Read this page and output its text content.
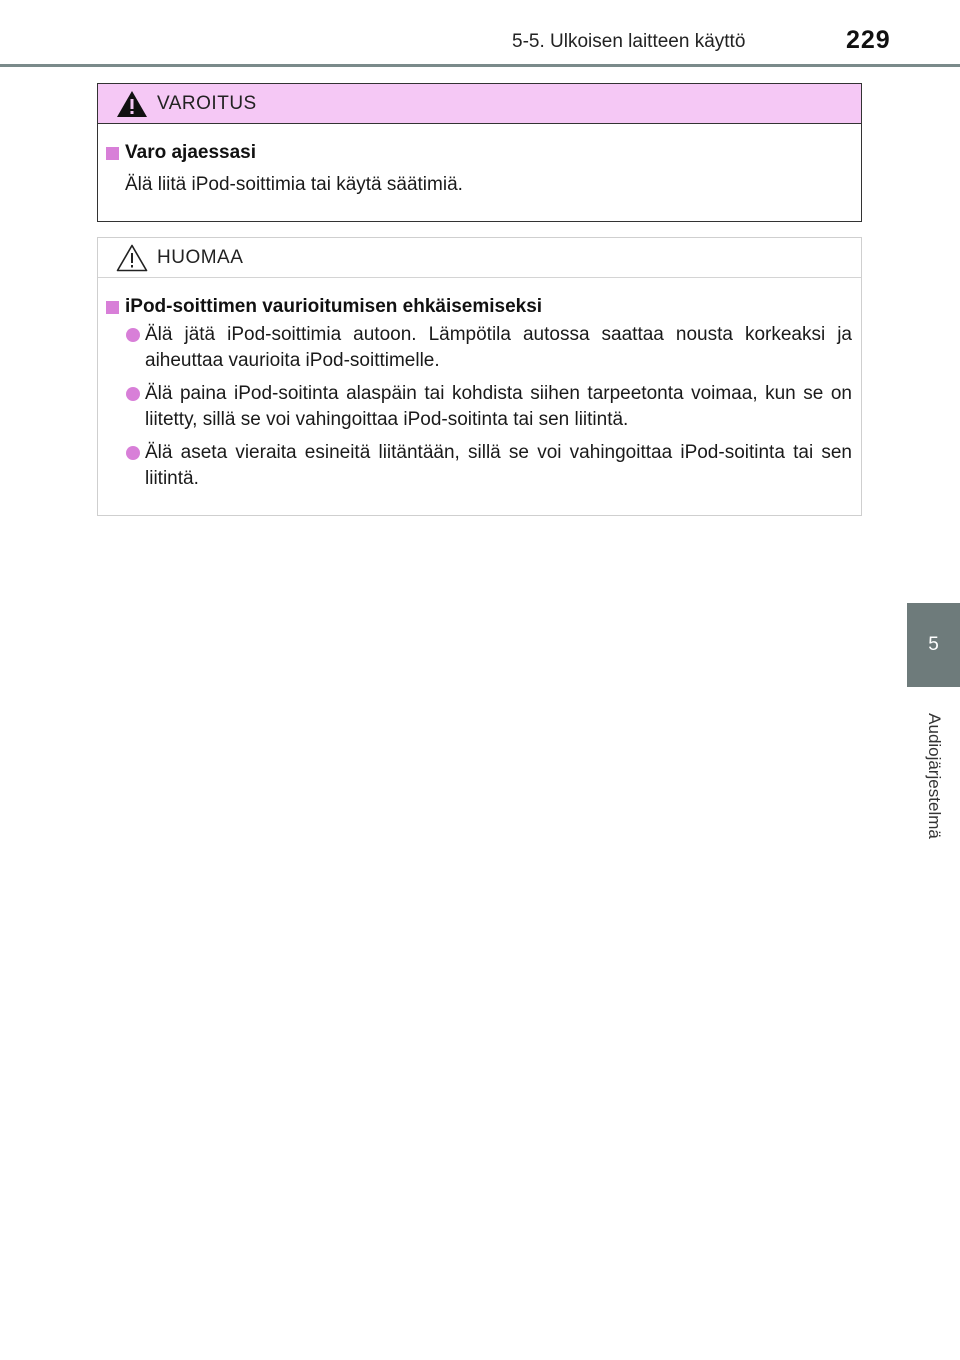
5-5. Ulkoisen laitteen käyttö	229
5
Audiojärjestelmä
VAROITUS
Varo ajaessasi
Älä liitä iPod-soittimia tai käytä säätimiä.
HUOMAA
iPod-soittimen vaurioitumisen ehkäisemiseksi
Älä jätä iPod-soittimia autoon. Lämpötila autossa saattaa nousta korkeaksi ja aiheuttaa vaurioita iPod-soittimelle.
Älä paina iPod-soitinta alaspäin tai kohdista siihen tarpeetonta voimaa, kun se on liitetty, sillä se voi vahingoittaa iPod-soitinta tai sen liitintä.
Älä aseta vieraita esineitä liitäntään, sillä se voi vahingoittaa iPod-soitinta tai sen liitintä.
